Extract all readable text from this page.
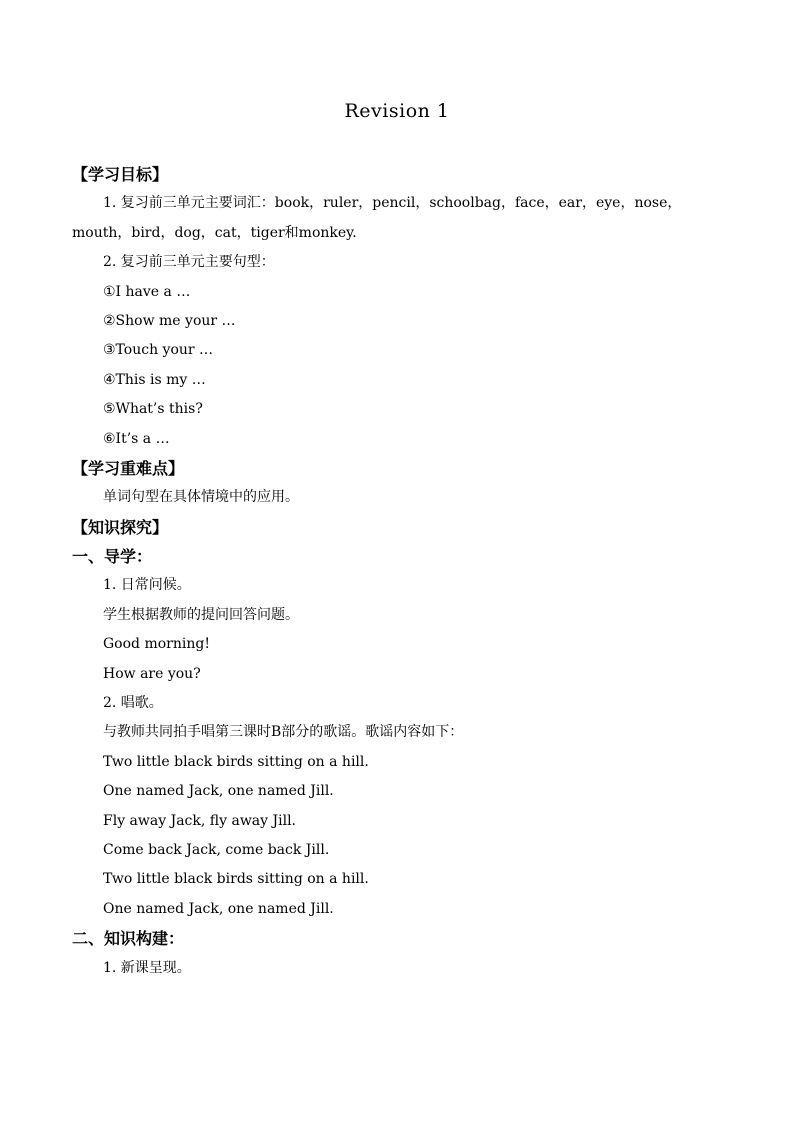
Revision 1
【学习目标】
1. 复习前三单元主要词汇：book，ruler，pencil，schoolbag，face，ear，eye，nose，mouth，bird，dog，cat，tiger和monkey.
2. 复习前三单元主要句型：
①I have a …
②Show me your …
③Touch your …
④This is my …
⑤What’s this?
⑥It’s a …
【学习重难点】
单词句型在具体情境中的应用。
【知识探究】
一、导学：
1. 日常问候。
学生根据教师的提问回答问题。
Good morning!
How are you?
2. 唱歌。
与教师共同拍手唱第三课时B部分的歌谣。歌谣内容如下：
Two little black birds sitting on a hill.
One named Jack, one named Jill.
Fly away Jack, fly away Jill.
Come back Jack, come back Jill.
Two little black birds sitting on a hill.
One named Jack, one named Jill.
二、知识构建：
1. 新课呈现。
